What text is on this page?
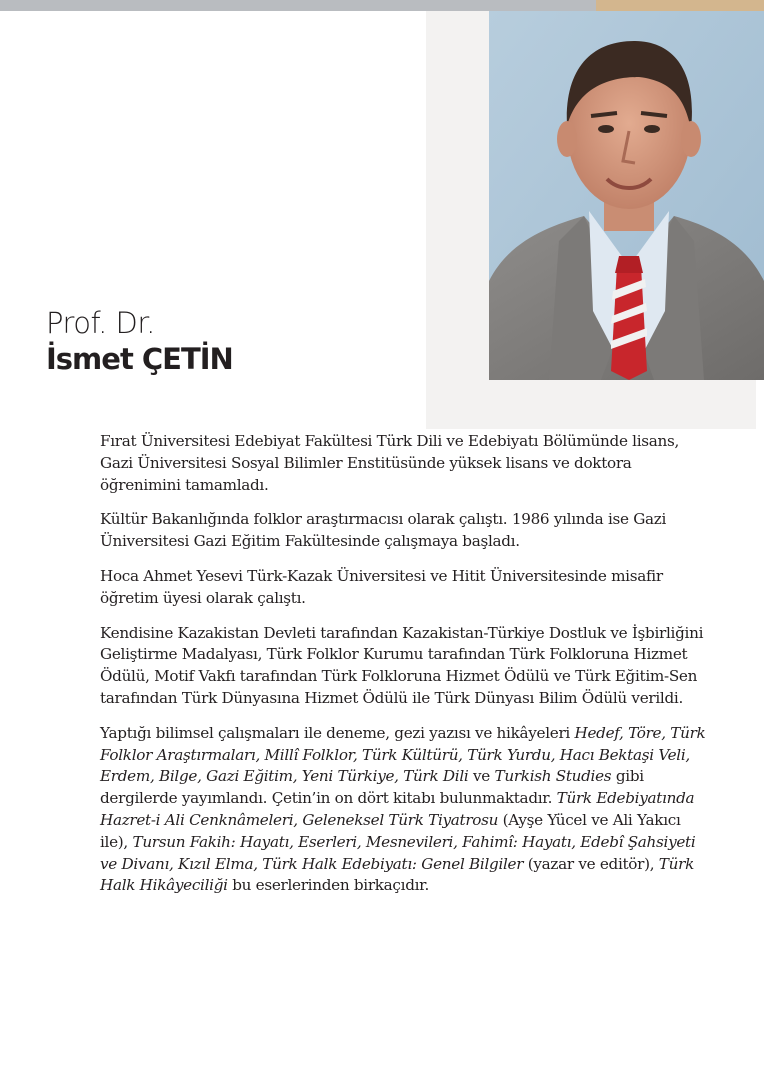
Prof. Dr.
İsmet ÇETİN

Fırat Üniversitesi Edebiyat Fakültesi Türk Dili ve Edebiyatı Bölümünde lisans, Gazi Üniversitesi Sosyal Bilimler Enstitüsünde yüksek lisans ve doktora öğrenimini tamamladı.

Kültür Bakanlığında folklor araştırmacısı olarak çalıştı. 1986 yılında ise Gazi Üniversitesi Gazi Eğitim Fakültesinde çalışmaya başladı.

Hoca Ahmet Yesevi Türk-Kazak Üniversitesi ve Hitit Üniversitesinde misafir öğretim üyesi olarak çalıştı.

Kendisine Kazakistan Devleti tarafından Kazakistan-Türkiye Dostluk ve İşbirliğini Geliştirme Madalyası, Türk Folklor Kurumu tarafından Türk Folkloruna Hizmet Ödülü, Motif Vakfı tarafından Türk Folkloruna Hizmet Ödülü ve Türk Eğitim-Sen tarafından Türk Dünyasına Hizmet Ödülü ile Türk Dünyası Bilim Ödülü verildi.

Yaptığı bilimsel çalışmaları ile deneme, gezi yazısı ve hikâyeleri Hedef, Töre, Türk Folklor Araştırmaları, Millî Folklor, Türk Kültürü, Türk Yurdu, Hacı Bektaşi Veli, Erdem, Bilge, Gazi Eğitim, Yeni Türkiye, Türk Dili ve Turkish Studies gibi dergilerde yayımlandı. Çetin’in on dört kitabı bulunmaktadır. Türk Edebiyatında Hazret-i Ali Cenknâmeleri, Geleneksel Türk Tiyatrosu (Ayşe Yücel ve Ali Yakıcı ile), Tursun Fakih: Hayatı, Eserleri, Mesnevileri, Fahimî: Hayatı, Edebî Şahsiyeti ve Divanı, Kızıl Elma, Türk Halk Edebiyatı: Genel Bilgiler (yazar ve editör), Türk Halk Hikâyeciliği bu eserlerinden birkaçıdır.
